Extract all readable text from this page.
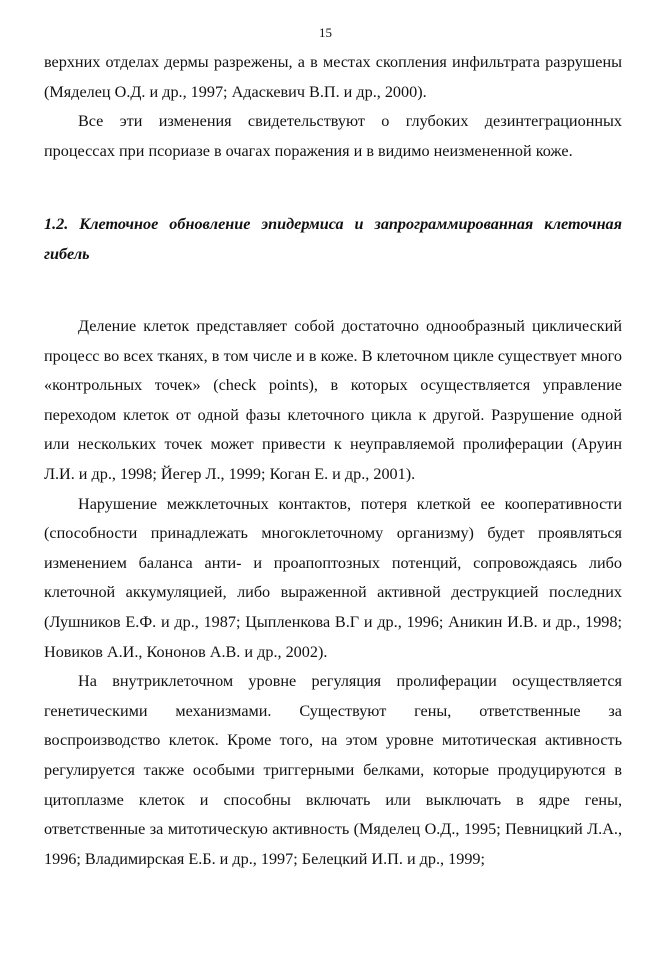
15

верхних отделах дермы разрежены, а в местах скопления инфильтрата разрушены (Мяделец О.Д. и др., 1997; Адаскевич В.П. и др., 2000).

Все эти изменения свидетельствуют о глубоких дезинтеграционных процессах при псориазе в очагах поражения и в видимо неизмененной коже.

1.2. Клеточное обновление эпидермиса и запрограммированная клеточная гибель

Деление клеток представляет собой достаточно однообразный циклический процесс во всех тканях, в том числе и в коже. В клеточном цикле существует много «контрольных точек» (check points), в которых осуществляется управление переходом клеток от одной фазы клеточного цикла к другой. Разрушение одной или нескольких точек может привести к неуправляемой пролиферации (Аруин Л.И. и др., 1998; Йегер Л., 1999; Коган Е. и др., 2001).

Нарушение межклеточных контактов, потеря клеткой ее кооперативности (способности принадлежать многоклеточному организму) будет проявляться изменением баланса анти- и проапоптозных потенций, сопровождаясь либо клеточной аккумуляцией, либо выраженной активной деструкцией последних (Лушников Е.Ф. и др., 1987; Цыпленкова В.Г и др., 1996; Аникин И.В. и др., 1998; Новиков А.И., Кононов А.В. и др., 2002).

На внутриклеточном уровне регуляция пролиферации осуществляется генетическими механизмами. Существуют гены, ответственные за воспроизводство клеток. Кроме того, на этом уровне митотическая активность регулируется также особыми триггерными белками, которые продуцируются в цитоплазме клеток и способны включать или выключать в ядре гены, ответственные за митотическую активность (Мяделец О.Д., 1995; Певницкий Л.А., 1996; Владимирская Е.Б. и др., 1997; Белецкий И.П. и др., 1999;
